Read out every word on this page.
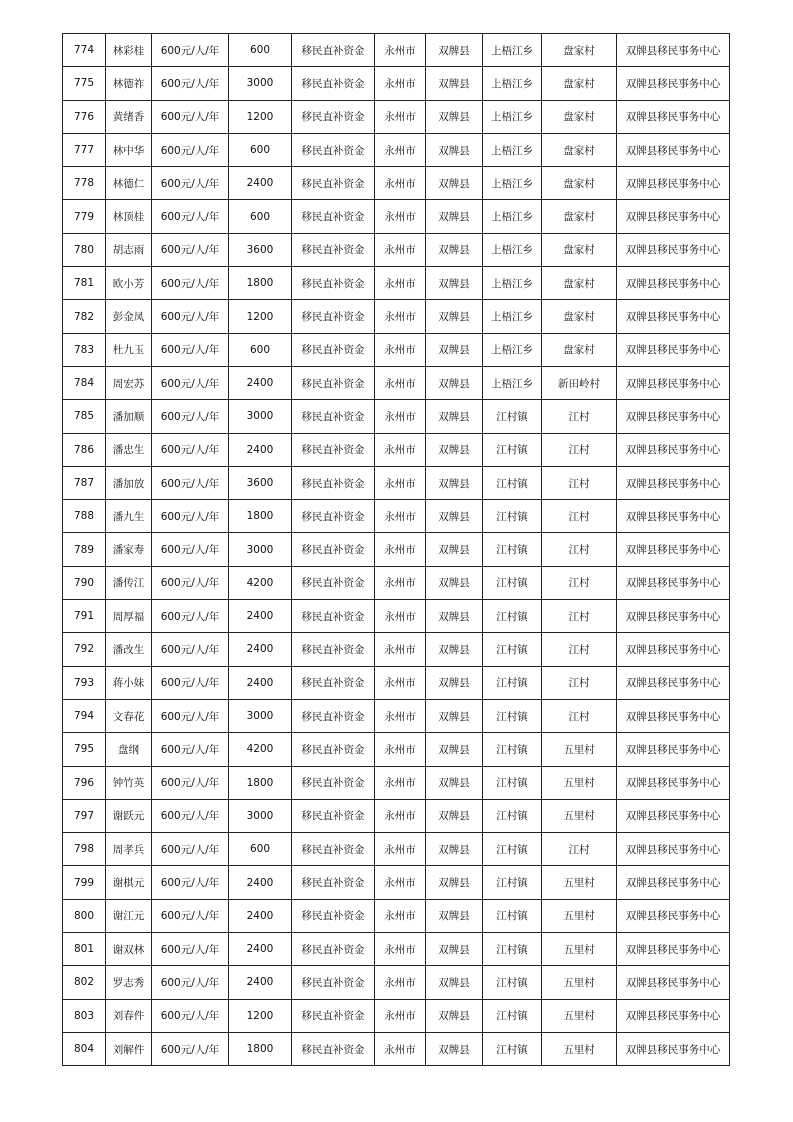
774	林彩桂	600元/人/年	600	移民直补资金	永州市	双牌县	上梧江乡	盘家村	双牌县移民事务中心
775	林德祚	600元/人/年	3000	移民直补资金	永州市	双牌县	上梧江乡	盘家村	双牌县移民事务中心
776	黄绪香	600元/人/年	1200	移民直补资金	永州市	双牌县	上梧江乡	盘家村	双牌县移民事务中心
777	林中华	600元/人/年	600	移民直补资金	永州市	双牌县	上梧江乡	盘家村	双牌县移民事务中心
778	林德仁	600元/人/年	2400	移民直补资金	永州市	双牌县	上梧江乡	盘家村	双牌县移民事务中心
779	林顶桂	600元/人/年	600	移民直补资金	永州市	双牌县	上梧江乡	盘家村	双牌县移民事务中心
780	胡志雨	600元/人/年	3600	移民直补资金	永州市	双牌县	上梧江乡	盘家村	双牌县移民事务中心
781	欧小芳	600元/人/年	1800	移民直补资金	永州市	双牌县	上梧江乡	盘家村	双牌县移民事务中心
782	彭金凤	600元/人/年	1200	移民直补资金	永州市	双牌县	上梧江乡	盘家村	双牌县移民事务中心
783	杜九玉	600元/人/年	600	移民直补资金	永州市	双牌县	上梧江乡	盘家村	双牌县移民事务中心
784	周宏苏	600元/人/年	2400	移民直补资金	永州市	双牌县	上梧江乡	新田岭村	双牌县移民事务中心
785	潘加顺	600元/人/年	3000	移民直补资金	永州市	双牌县	江村镇	江村	双牌县移民事务中心
786	潘忠生	600元/人/年	2400	移民直补资金	永州市	双牌县	江村镇	江村	双牌县移民事务中心
787	潘加放	600元/人/年	3600	移民直补资金	永州市	双牌县	江村镇	江村	双牌县移民事务中心
788	潘九生	600元/人/年	1800	移民直补资金	永州市	双牌县	江村镇	江村	双牌县移民事务中心
789	潘家寿	600元/人/年	3000	移民直补资金	永州市	双牌县	江村镇	江村	双牌县移民事务中心
790	潘传江	600元/人/年	4200	移民直补资金	永州市	双牌县	江村镇	江村	双牌县移民事务中心
791	周厚福	600元/人/年	2400	移民直补资金	永州市	双牌县	江村镇	江村	双牌县移民事务中心
792	潘改生	600元/人/年	2400	移民直补资金	永州市	双牌县	江村镇	江村	双牌县移民事务中心
793	蒋小妹	600元/人/年	2400	移民直补资金	永州市	双牌县	江村镇	江村	双牌县移民事务中心
794	文春花	600元/人/年	3000	移民直补资金	永州市	双牌县	江村镇	江村	双牌县移民事务中心
795	盘纲	600元/人/年	4200	移民直补资金	永州市	双牌县	江村镇	五里村	双牌县移民事务中心
796	钟竹英	600元/人/年	1800	移民直补资金	永州市	双牌县	江村镇	五里村	双牌县移民事务中心
797	谢跃元	600元/人/年	3000	移民直补资金	永州市	双牌县	江村镇	五里村	双牌县移民事务中心
798	周孝兵	600元/人/年	600	移民直补资金	永州市	双牌县	江村镇	江村	双牌县移民事务中心
799	谢棋元	600元/人/年	2400	移民直补资金	永州市	双牌县	江村镇	五里村	双牌县移民事务中心
800	谢江元	600元/人/年	2400	移民直补资金	永州市	双牌县	江村镇	五里村	双牌县移民事务中心
801	谢双林	600元/人/年	2400	移民直补资金	永州市	双牌县	江村镇	五里村	双牌县移民事务中心
802	罗志秀	600元/人/年	2400	移民直补资金	永州市	双牌县	江村镇	五里村	双牌县移民事务中心
803	刘春件	600元/人/年	1200	移民直补资金	永州市	双牌县	江村镇	五里村	双牌县移民事务中心
804	刘解件	600元/人/年	1800	移民直补资金	永州市	双牌县	江村镇	五里村	双牌县移民事务中心
